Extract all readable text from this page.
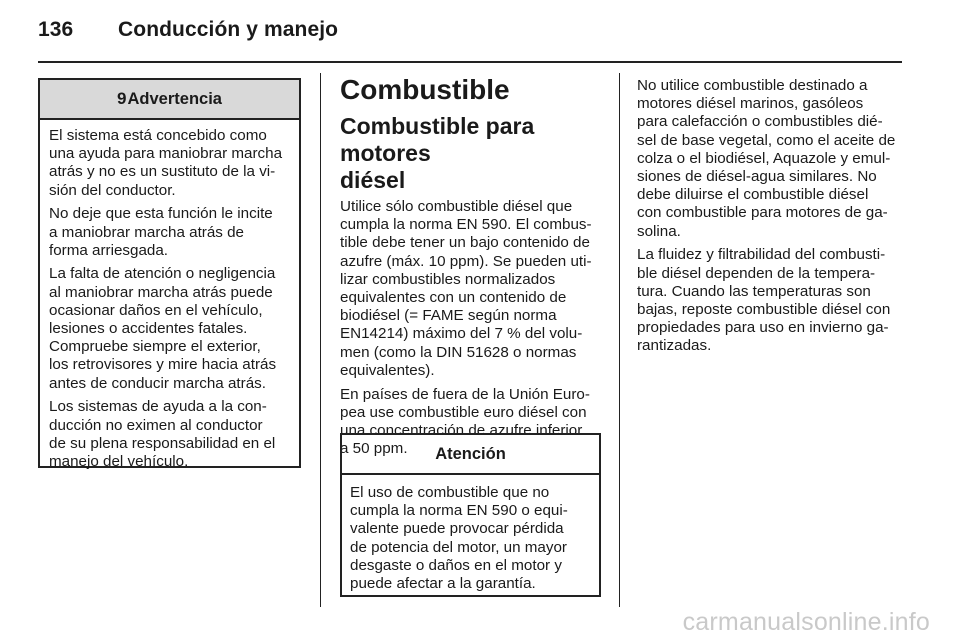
136 Conducción y manejo
9 Advertencia

El sistema está concebido como
una ayuda para maniobrar marcha
atrás y no es un sustituto de la vi‐
sión del conductor.

No deje que esta función le incite
a maniobrar marcha atrás de
forma arriesgada.

La falta de atención o negligencia
al maniobrar marcha atrás puede
ocasionar daños en el vehículo,
lesiones o accidentes fatales.
Compruebe siempre el exterior,
los retrovisores y mire hacia atrás
antes de conducir marcha atrás.

Los sistemas de ayuda a la con‐
ducción no eximen al conductor
de su plena responsabilidad en el
manejo del vehículo.

Combustible
Combustible para motores
diésel

Utilice sólo combustible diésel que
cumpla la norma EN 590. El combus‐
tible debe tener un bajo contenido de
azufre (máx. 10 ppm). Se pueden uti‐
lizar combustibles normalizados
equivalentes con un contenido de
biodiésel (= FAME según norma
EN14214) máximo del 7 % del volu‐
men (como la DIN 51628 o normas
equivalentes).

En países de fuera de la Unión Euro‐
pea use combustible euro diésel con
una concentración de azufre inferior
a 50 ppm.	Atención

El uso de combustible que no
cumpla la norma EN 590 o equi‐
valente puede provocar pérdida
de potencia del motor, un mayor
desgaste o daños en el motor y
puede afectar a la garantía.

No utilice combustible destinado a
motores diésel marinos, gasóleos
para calefacción o combustibles dié‐
sel de base vegetal, como el aceite de
colza o el biodiésel, Aquazole y emul‐
siones de diésel-agua similares. No
debe diluirse el combustible diésel
con combustible para motores de ga‐
solina.

La fluidez y filtrabilidad del combusti‐
ble diésel dependen de la tempera‐
tura. Cuando las temperaturas son
bajas, reposte combustible diésel con
propiedades para uso en invierno ga‐
rantizadas.

carmanualsonline.info
